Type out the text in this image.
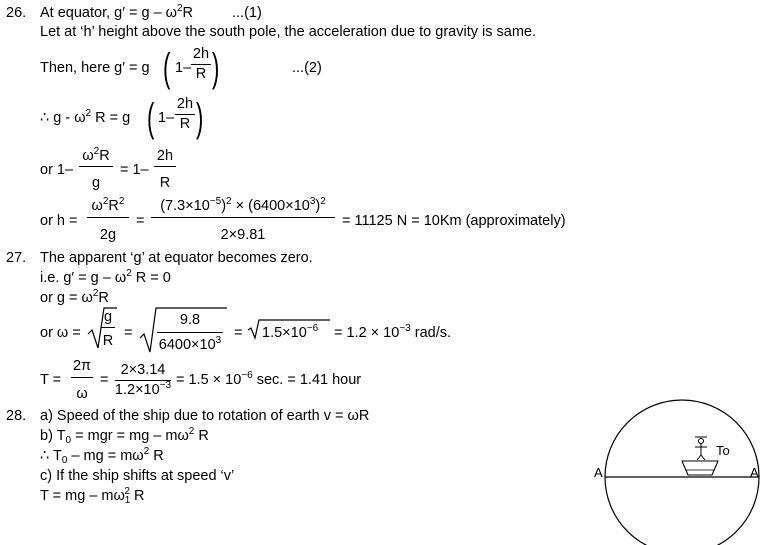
26. At equator, $g' = g - \omega^2R$	...(1)
Let at ‘h’ height above the south pole, the acceleration due to gravity is same.
Then, here g′ = g ( 1–
2h
R )	...(2)
∴ g - $\omega^2$ R = g ( 1–
2h
R )
or 1–
$\omega^2R$
g
= 1–
2h
R
or h =
$\omega^2R^2$
2g
=
$(7.3\times 10^{-5})^2 \times (6400\times 10^3)^2$
2×9.81
= 11125 N = 10Km (approximately)
27. The apparent ‘g’ at equator becomes zero.
i.e. $g' = g - \omega^2$ R = 0
or $g = \omega^2R$
or ω =
g
R =
9.8
$6400\times 10^3 = 1.5\times 10^{-6} = 1.2 \times 10^{-3}$ rad/s.
T =
2π
ω
=
2×3.14
$1.2\times 10^{-3} = 1.5 \times 10^{-6}$ sec. = 1.41 hour
28. a) Speed of the ship due to rotation of earth v = ωR
b) $T_0$ = mgr = mg – $m\omega^2$ R
∴ $T_0$ – mg = $m\omega^2$ R
c) If the ship shifts at speed ‘v’
T = mg – $m\omega_1^2$ R
To
A	A
